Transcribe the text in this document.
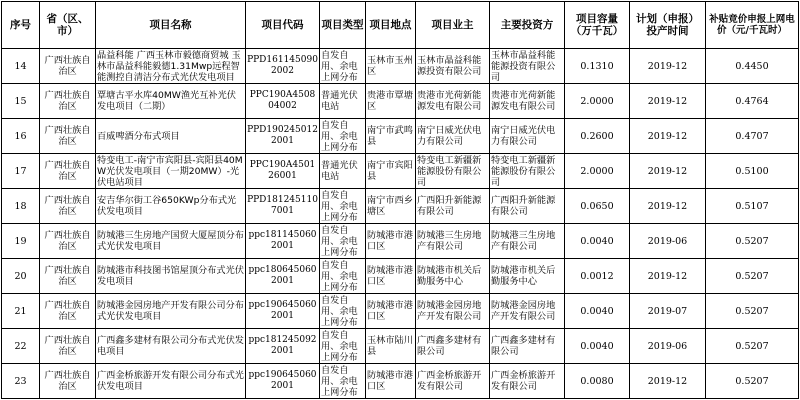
序号	省（区、市）	项目名称	项目代码	项目类型	项目地点	项目业主	主要投资方	项目容量（万千瓦）	计划（申报）投产时间	补贴竞价申报上网电价（元/千瓦时）
14	广西壮族自治区	晶益科能 广西玉林市毅德商贸城 玉林市晶益科能毅德1.31Mwp远程智能测控自清洁分布式光伏发电项目	PPD1611450902002	自发自用、余电上网分布	玉林市玉州区	玉林市晶益科能源投资有限公司	玉林市晶益科能能源投资有限公司	0.1310	2019-12	0.4450
15	广西壮族自治区	覃塘古平水库40MW渔光互补光伏发电项目（二期）	PPC190A450804002	普通光伏电站	贵港市覃塘区	贵港市光荷新能源发电有限公司	贵港市光荷新能源发电有限公司	2.0000	2019-12	0.4764
16	广西壮族自治区	百威啤酒分布式项目	PPD1902450122001	自发自用、余电上网分布	南宁市武鸣县	南宁日威光伏电力有限公司	南宁日威光伏电力有限公司	0.2600	2019-12	0.4707
17	广西壮族自治区	特变电工-南宁市宾阳县-宾阳县40MW光伏发电项目（一期20MW）-光伏电站项目	PPC190A450126001	普通光伏电站	南宁市宾阳县	特变电工新疆新能源股份有限公司	特变电工新疆新能源股份有限公司	2.0000	2019-12	0.5100
18	广西壮族自治区	安吉华尔街工谷650KWp分布式光伏发电项目	PPD1812451107001	自发自用、余电上网分布	南宁市西乡塘区	广西阳升新能源有限公司	广西阳升新能源有限公司	0.0650	2019-12	0.5107
19	广西壮族自治区	防城港三生房地产国贸大厦屋顶分布式光伏发电项目	ppc1811450602001	自发自用、余电上网分布	防城港市港口区	防城港三生房地产有限公司	防城港三生房地产有限公司	0.0040	2019-06	0.5207
20	广西壮族自治区	防城港市科技图书馆屋顶分布式光伏发电项目	ppc1806450602001	自发自用、余电上网分布	防城港市港口区	防城港市机关后勤服务中心	防城港市机关后勤服务中心	0.0012	2019-12	0.5207
21	广西壮族自治区	防城港金园房地产开发有限公司分布式光伏发电项目	ppc1906450602001	自发自用、余电上网分布	防城港市港口区	防城港金园房地产开发有限公司	防城港金园房地产开发有限公司	0.0040	2019-07	0.5207
22	广西壮族自治区	广西鑫多建材有限公司分布式光伏发电项目	ppc1812450922001	自发自用、余电上网分布	玉林市陆川县	广西鑫多建材有限公司	广西鑫多建材有限公司	0.0040	2019-06	0.5207
23	广西壮族自治区	广西金桥旅游开发有限公司分布式光伏发电项目	ppc1906450602001	自发自用、余电上网分布	防城港市港口区	广西金桥旅游开发有限公司	广西金桥旅游开发有限公司	0.0080	2019-12	0.5207
